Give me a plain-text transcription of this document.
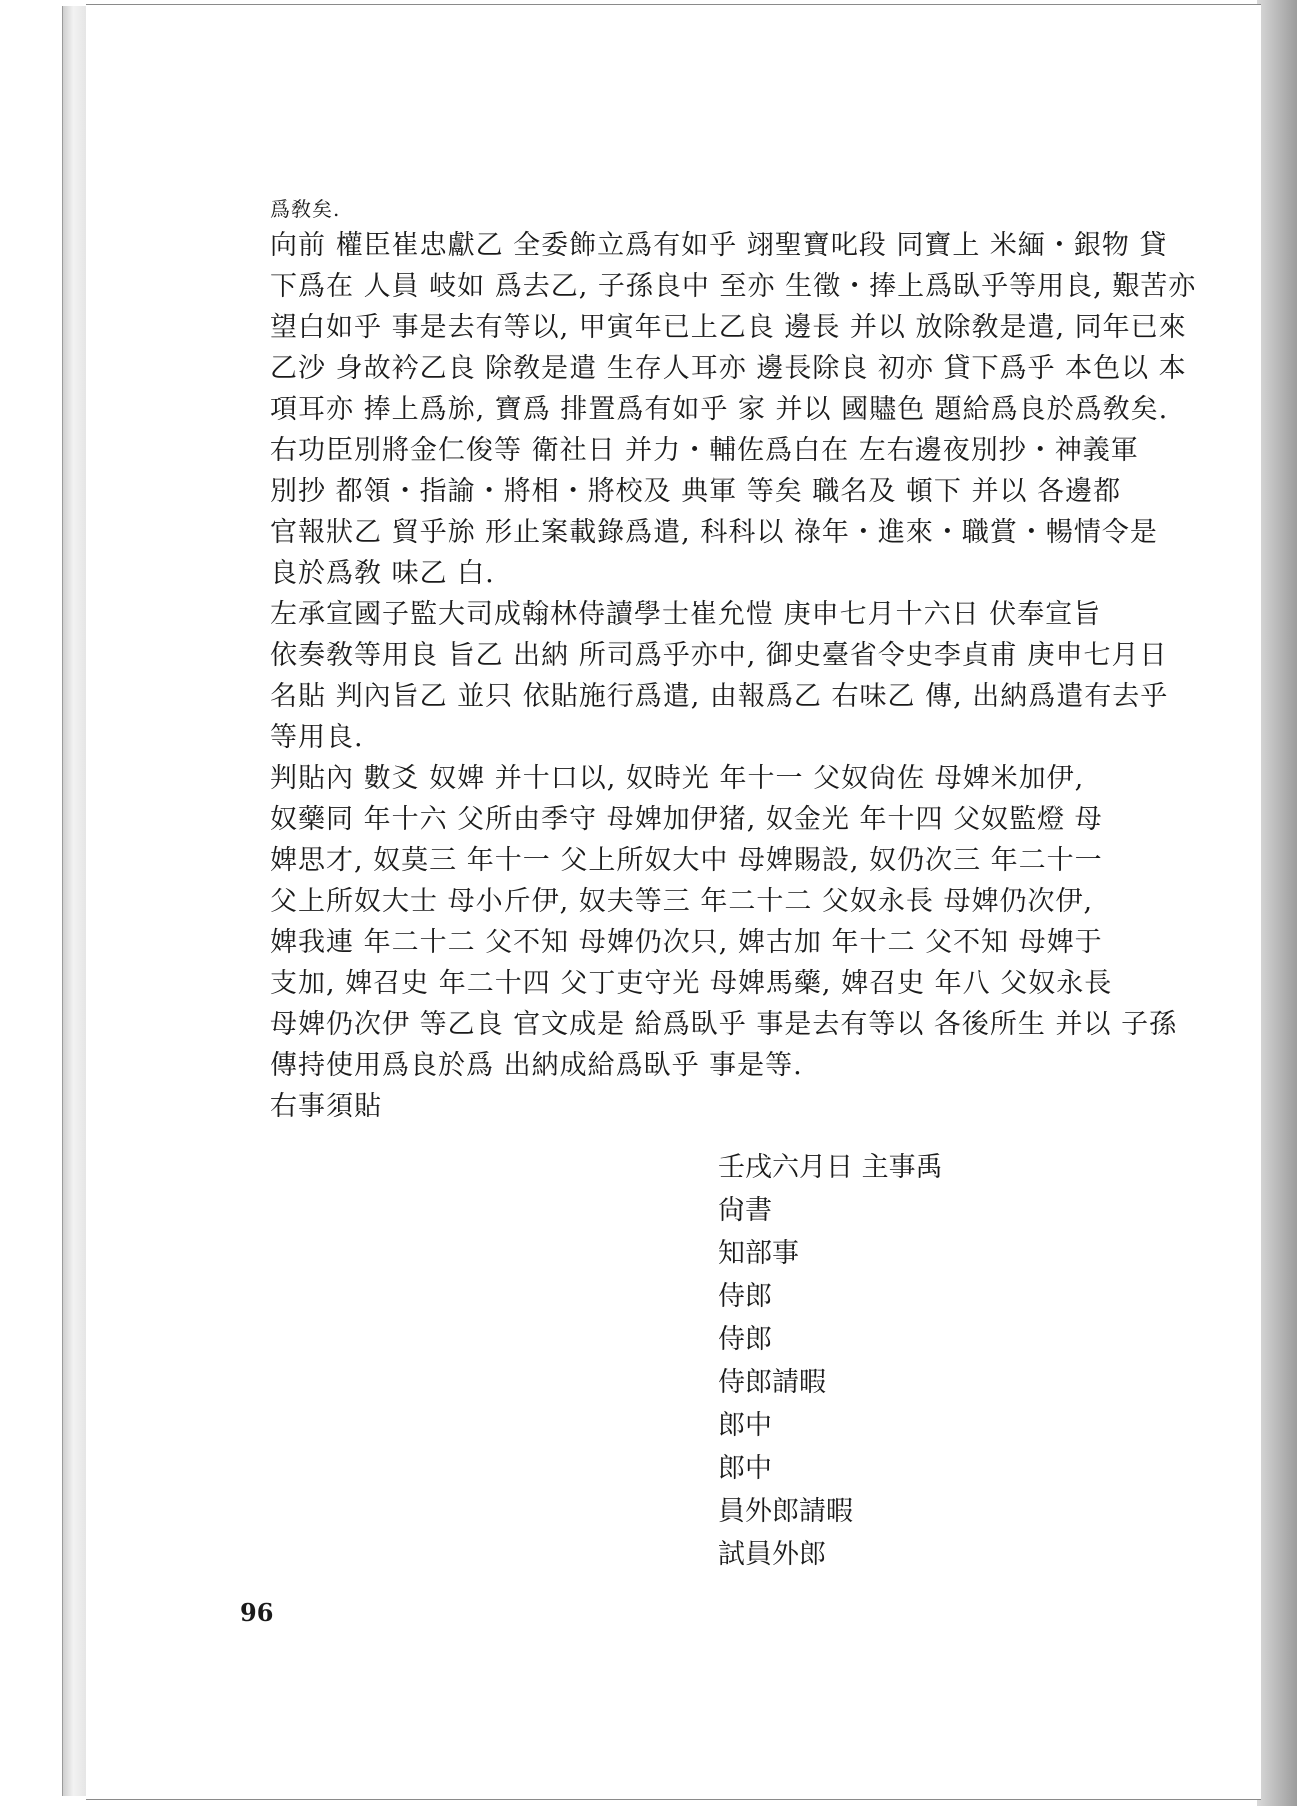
爲敎矣.
向前 權臣崔忠獻乙 全委飾立爲有如乎 翊聖寶叱段 同寶上 米緬・銀物 貸
下爲在 人員 岐如 爲去乙, 子孫良中 至亦 生徵・捧上爲臥乎等用良, 艱苦亦
望白如乎 事是去有等以, 甲寅年已上乙良 邊長 并以 放除敎是遣, 同年已來
乙沙 身故衿乙良 除敎是遣 生存人耳亦 邊長除良 初亦 貸下爲乎 本色以 本
項耳亦 捧上爲旀, 寶爲 排置爲有如乎 家 并以 國贐色 題給爲良於爲敎矣.
右功臣別將金仁俊等 衛社日 并力・輔佐爲白在 左右邊夜別抄・神義軍
別抄 都領・指諭・將相・將校及 典軍 等矣 職名及 頓下 并以 各邊都
官報狀乙 貿乎旀 形止案載錄爲遣, 科科以 祿年・進來・職賞・暢情令是
良於爲敎 味乙 白.
左承宣國子監大司成翰林侍讀學士崔允愷 庚申七月十六日 伏奉宣旨
依奏敎等用良 旨乙 出納 所司爲乎亦中, 御史臺省令史李貞甫 庚申七月日
名貼 判內旨乙 並只 依貼施行爲遣, 由報爲乙 右味乙 傳, 出納爲遣有去乎
等用良.
判貼內 數爻 奴婢 并十口以, 奴時光 年十一 父奴尙佐 母婢米加伊,
奴藥同 年十六 父所由季守 母婢加伊猪, 奴金光 年十四 父奴監燈 母
婢思才, 奴莫三 年十一 父上所奴大中 母婢賜設, 奴仍次三 年二十一
父上所奴大士 母小斤伊, 奴夫等三 年二十二 父奴永長 母婢仍次伊,
婢我連 年二十二 父不知 母婢仍次只, 婢古加 年十二 父不知 母婢于
支加, 婢召史 年二十四 父丁吏守光 母婢馬藥, 婢召史 年八 父奴永長
母婢仍次伊 等乙良 官文成是 給爲臥乎 事是去有等以 各後所生 并以 子孫
傳持使用爲良於爲 出納成給爲臥乎 事是等.
右事須貼
壬戌六月日 主事禹
尙書
知部事
侍郎
侍郎
侍郎請暇
郎中
郎中
員外郎請暇
試員外郎
96
